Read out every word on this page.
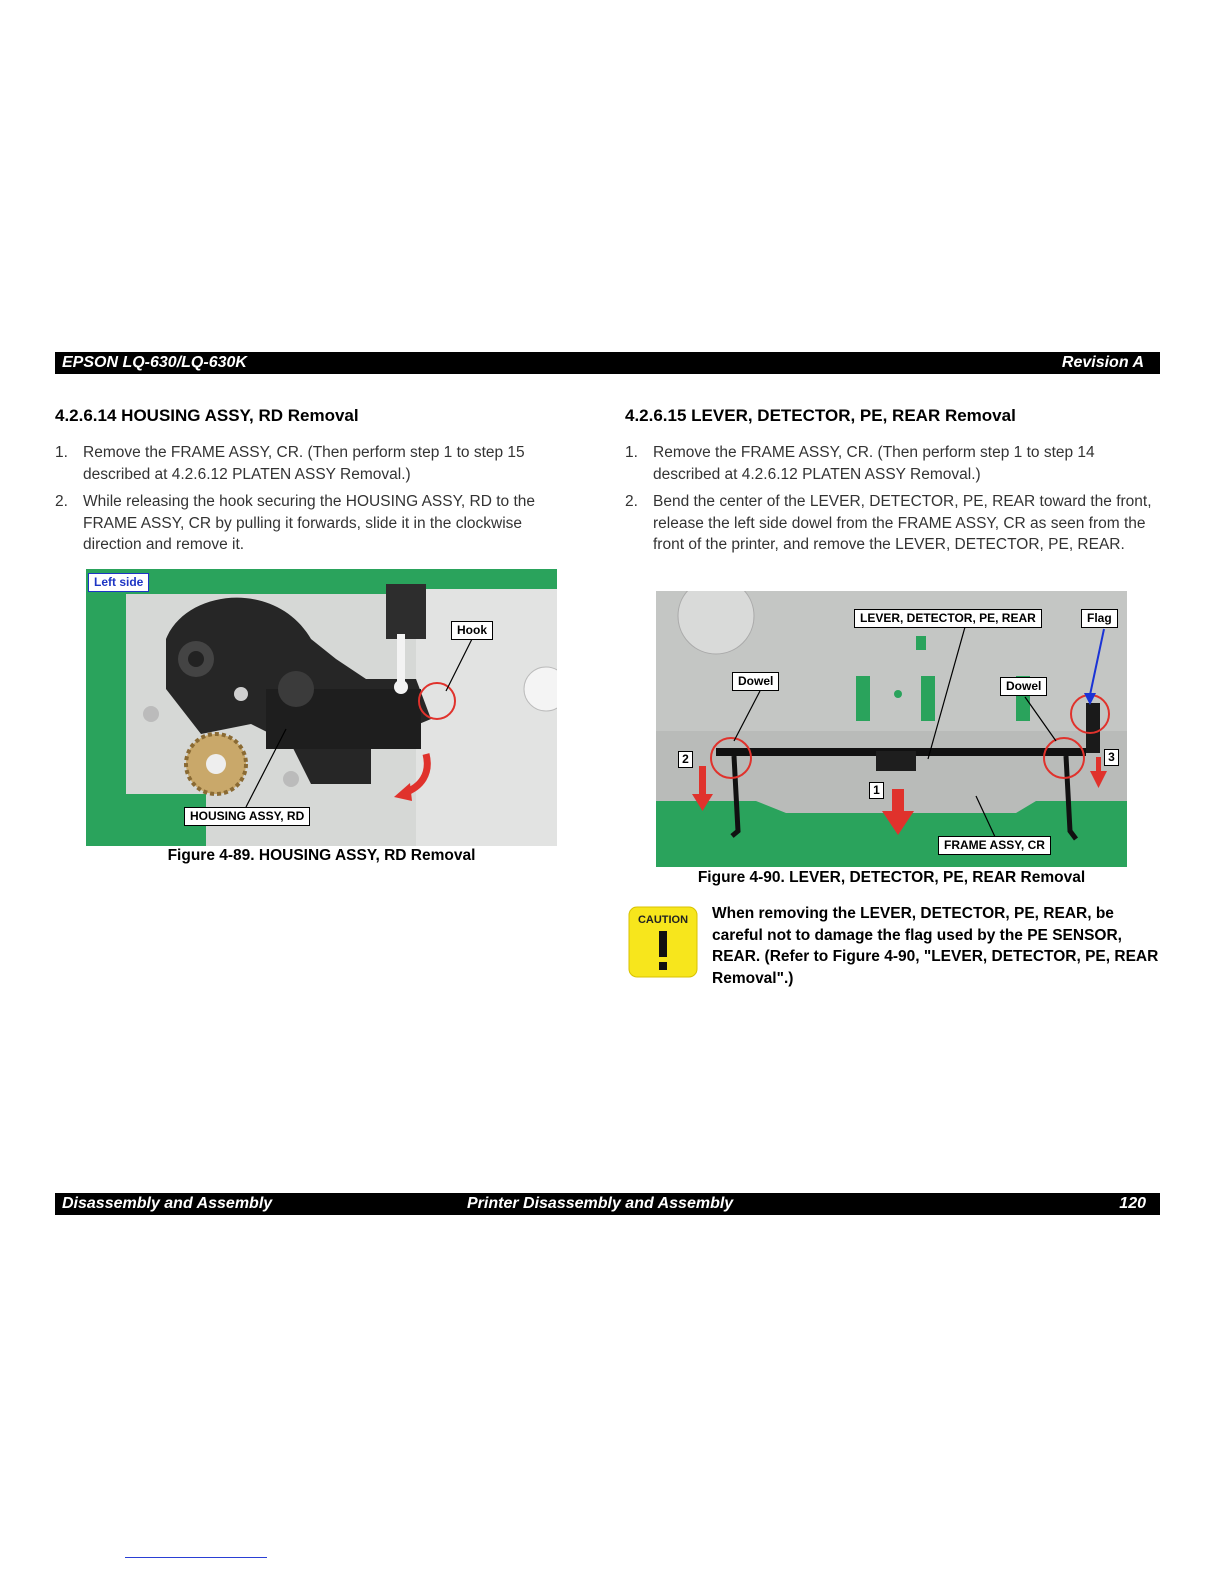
EPSON LQ-630/LQ-630K	Revision A
4.2.6.14 HOUSING ASSY, RD Removal
1. Remove the FRAME ASSY, CR. (Then perform step 1 to step 15 described at 4.2.6.12 PLATEN ASSY Removal.)
2. While releasing the hook securing the HOUSING ASSY, RD to the FRAME ASSY, CR by pulling it forwards, slide it in the clockwise direction and remove it.
Left side
Hook
HOUSING ASSY, RD
Figure 4-89. HOUSING ASSY, RD Removal
4.2.6.15 LEVER, DETECTOR, PE, REAR Removal
1. Remove the FRAME ASSY, CR. (Then perform step 1 to step 14 described at 4.2.6.12 PLATEN ASSY Removal.)
2. Bend the center of the LEVER, DETECTOR, PE, REAR toward the front, release the left side dowel from the FRAME ASSY, CR as seen from the front of the printer, and remove the LEVER, DETECTOR, PE, REAR.
LEVER, DETECTOR, PE, REAR	Flag
Dowel	Dowel
FRAME ASSY, CR
2
1
3
Figure 4-90. LEVER, DETECTOR, PE, REAR Removal
CAUTION When removing the LEVER, DETECTOR, PE, REAR, be careful not to damage the flag used by the PE SENSOR, REAR. (Refer to Figure 4-90, "LEVER, DETECTOR, PE, REAR Removal".)
Disassembly and Assembly	Printer Disassembly and Assembly	120
